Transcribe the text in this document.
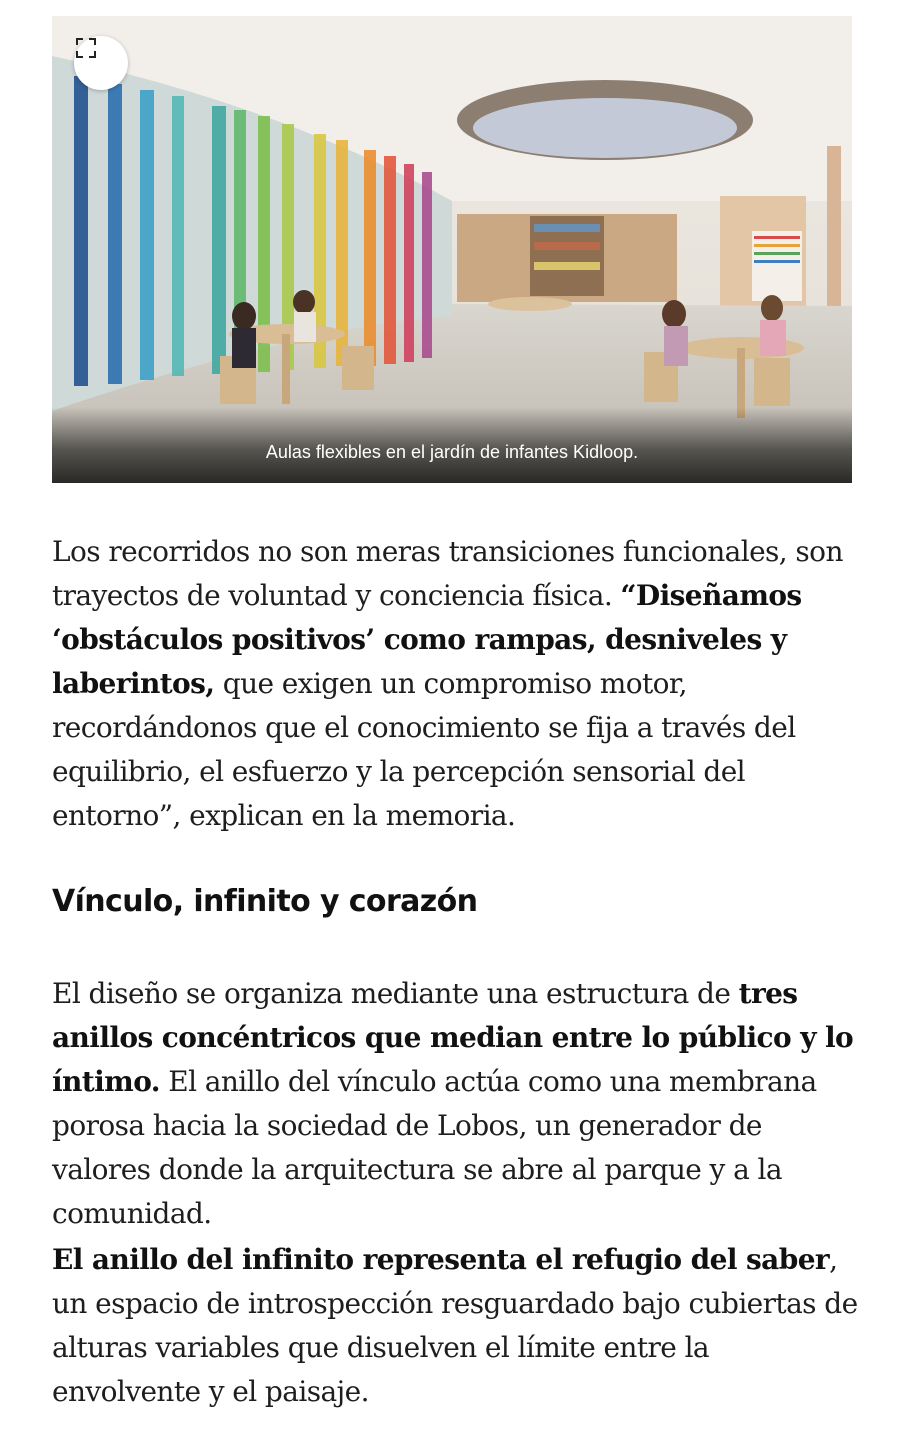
Aulas flexibles en el jardín de infantes Kidloop.

Los recorridos no son meras transiciones funcionales, son trayectos de voluntad y conciencia física. “Diseñamos ‘obstáculos positivos’ como rampas, desniveles y laberintos, que exigen un compromiso motor, recordándonos que el conocimiento se fija a través del equilibrio, el esfuerzo y la percepción sensorial del entorno”, explican en la memoria.

Vínculo, infinito y corazón

El diseño se organiza mediante una estructura de tres anillos concéntricos que median entre lo público y lo íntimo. El anillo del vínculo actúa como una membrana porosa hacia la sociedad de Lobos, un generador de valores donde la arquitectura se abre al parque y a la comunidad.

El anillo del infinito representa el refugio del saber, un espacio de introspección resguardado bajo cubiertas de alturas variables que disuelven el límite entre la envolvente y el paisaje.
